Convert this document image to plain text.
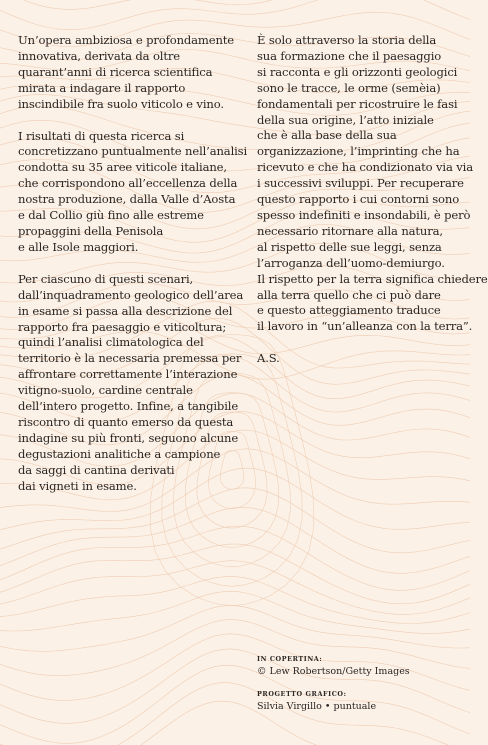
Un’opera ambiziosa e profondamente
innovativa, derivata da oltre
quarant’anni di ricerca scientifica
mirata a indagare il rapporto
inscindibile fra suolo viticolo e vino.

I risultati di questa ricerca si
concretizzano puntualmente nell’analisi
condotta su 35 aree viticole italiane,
che corrispondono all’eccellenza della
nostra produzione, dalla Valle d’Aosta
e dal Collio giù fino alle estreme
propaggini della Penisola
e alle Isole maggiori.

Per ciascuno di questi scenari,
dall’inquadramento geologico dell’area
in esame si passa alla descrizione del
rapporto fra paesaggio e viticoltura;
quindi l’analisi climatologica del
territorio è la necessaria premessa per
affrontare correttamente l’interazione
vitigno-suolo, cardine centrale
dell’intero progetto. Infine, a tangibile
riscontro di quanto emerso da questa
indagine su più fronti, seguono alcune
degustazioni analitiche a campione
da saggi di cantina derivati
dai vigneti in esame.

È solo attraverso la storia della
sua formazione che il paesaggio
si racconta e gli orizzonti geologici
sono le tracce, le orme (semèia)
fondamentali per ricostruire le fasi
della sua origine, l’atto iniziale
che è alla base della sua
organizzazione, l’imprinting che ha
ricevuto e che ha condizionato via via
i successivi sviluppi. Per recuperare
questo rapporto i cui contorni sono
spesso indefiniti e insondabili, è però
necessario ritornare alla natura,
al rispetto delle sue leggi, senza
l’arroganza dell’uomo-demiurgo.
Il rispetto per la terra significa chiedere
alla terra quello che ci può dare
e questo atteggiamento traduce
il lavoro in “un’alleanza con la terra”.

A.S.

IN COPERTINA:
© Lew Robertson/Getty Images
PROGETTO GRAFICO:
Silvia Virgillo • puntuale
